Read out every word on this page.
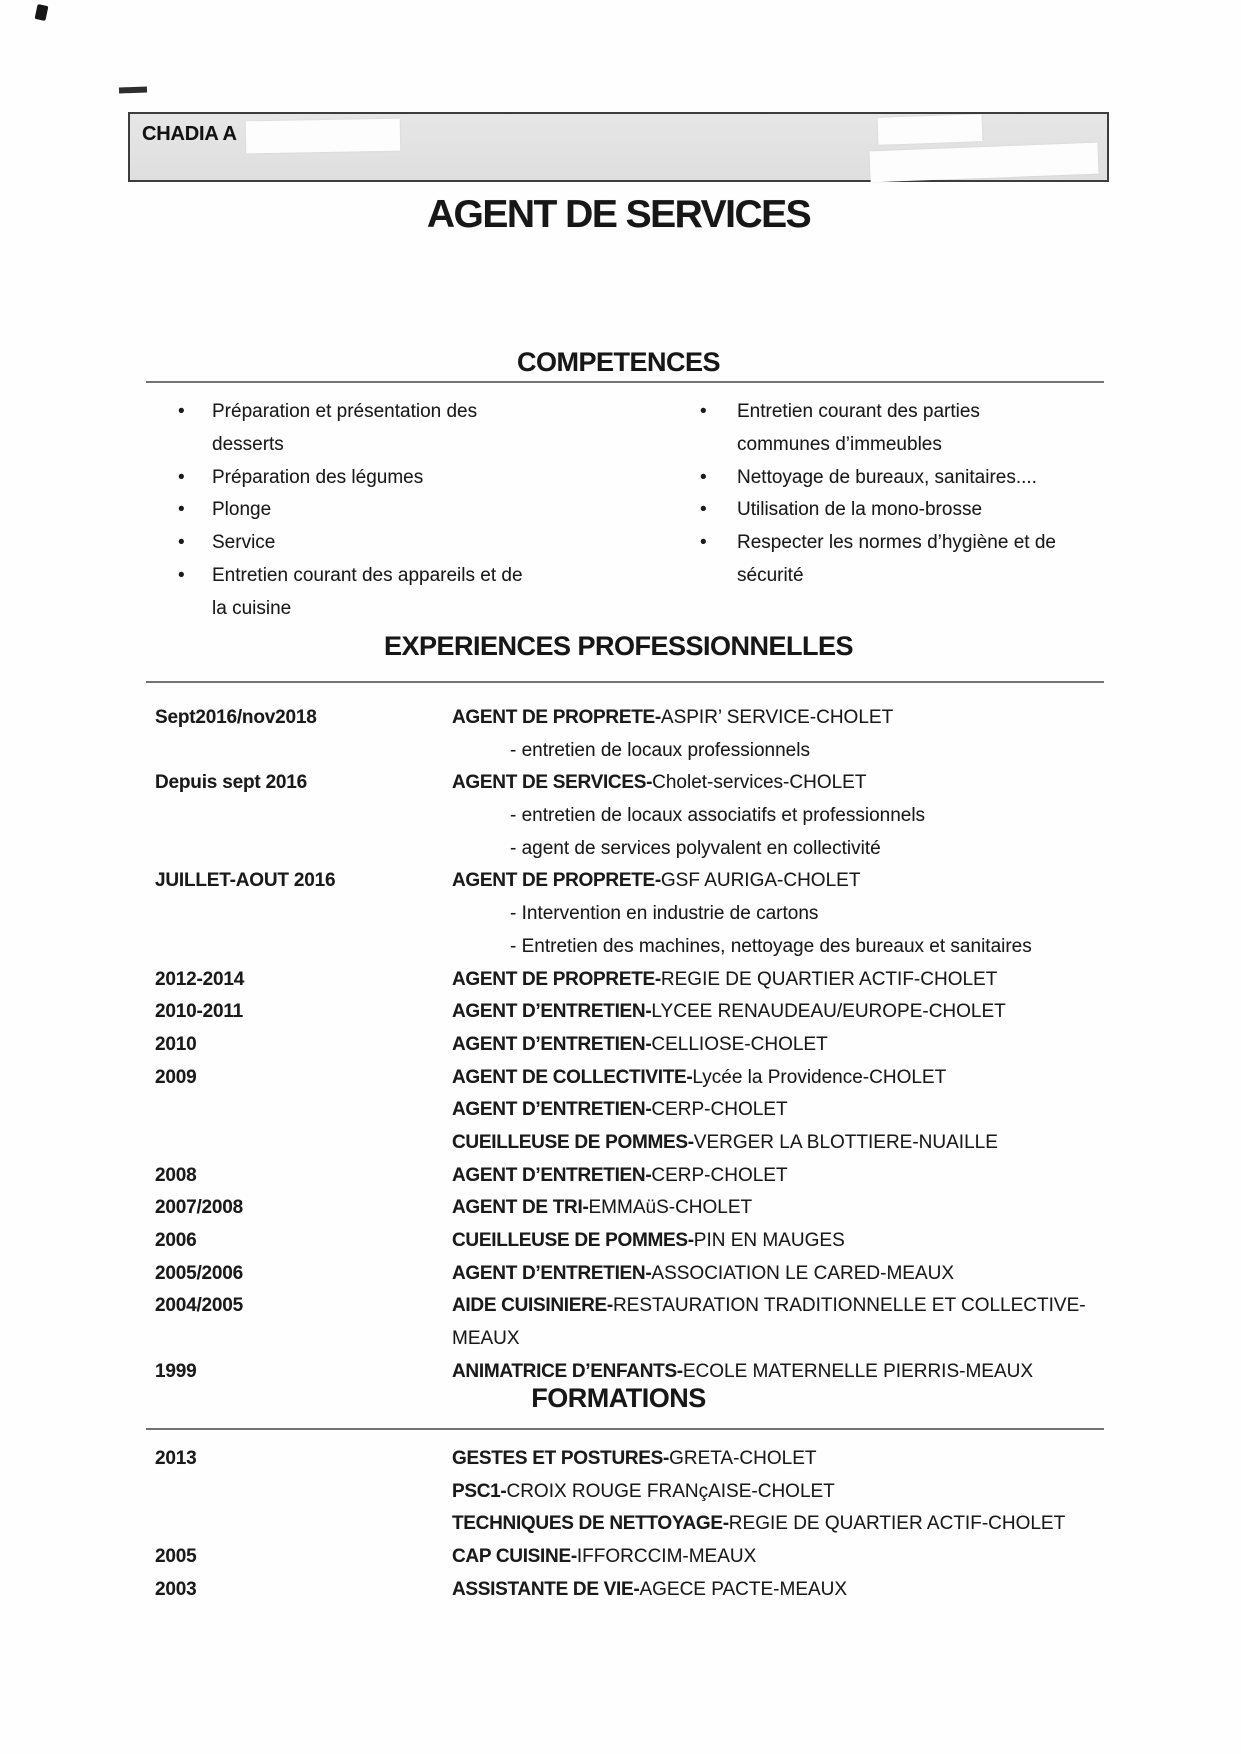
CHADIA A
AGENT DE SERVICES
COMPETENCES
• Préparation et présentation des desserts
• Préparation des légumes
• Plonge
• Service
• Entretien courant des appareils et de la cuisine
• Entretien courant des parties communes d’immeubles
• Nettoyage de bureaux, sanitaires....
• Utilisation de la mono-brosse
• Respecter les normes d’hygiène et de sécurité
EXPERIENCES PROFESSIONNELLES
Sept2016/nov2018	AGENT DE PROPRETE-ASPIR’ SERVICE-CHOLET
- entretien de locaux professionnels
Depuis sept 2016	AGENT DE SERVICES-Cholet-services-CHOLET
- entretien de locaux associatifs et professionnels
- agent de services polyvalent en collectivité
JUILLET-AOUT 2016	AGENT DE PROPRETE-GSF AURIGA-CHOLET
- Intervention en industrie de cartons
- Entretien des machines, nettoyage des bureaux et sanitaires
2012-2014	AGENT DE PROPRETE-REGIE DE QUARTIER ACTIF-CHOLET
2010-2011	AGENT D’ENTRETIEN-LYCEE RENAUDEAU/EUROPE-CHOLET
2010	AGENT D’ENTRETIEN-CELLIOSE-CHOLET
2009	AGENT DE COLLECTIVITE-Lycée la Providence-CHOLET
AGENT D’ENTRETIEN-CERP-CHOLET
CUEILLEUSE DE POMMES-VERGER LA BLOTTIERE-NUAILLE
2008	AGENT D’ENTRETIEN-CERP-CHOLET
2007/2008	AGENT DE TRI-EMMAüS-CHOLET
2006	CUEILLEUSE DE POMMES-PIN EN MAUGES
2005/2006	AGENT D’ENTRETIEN-ASSOCIATION LE CARED-MEAUX
2004/2005	AIDE CUISINIERE-RESTAURATION TRADITIONNELLE ET COLLECTIVE-
MEAUX
1999	ANIMATRICE D’ENFANTS-ECOLE MATERNELLE PIERRIS-MEAUX
FORMATIONS
2013	GESTES ET POSTURES-GRETA-CHOLET
PSC1-CROIX ROUGE FRANçAISE-CHOLET
TECHNIQUES DE NETTOYAGE-REGIE DE QUARTIER ACTIF-CHOLET
2005	CAP CUISINE-IFFORCCIM-MEAUX
2003	ASSISTANTE DE VIE-AGECE PACTE-MEAUX
